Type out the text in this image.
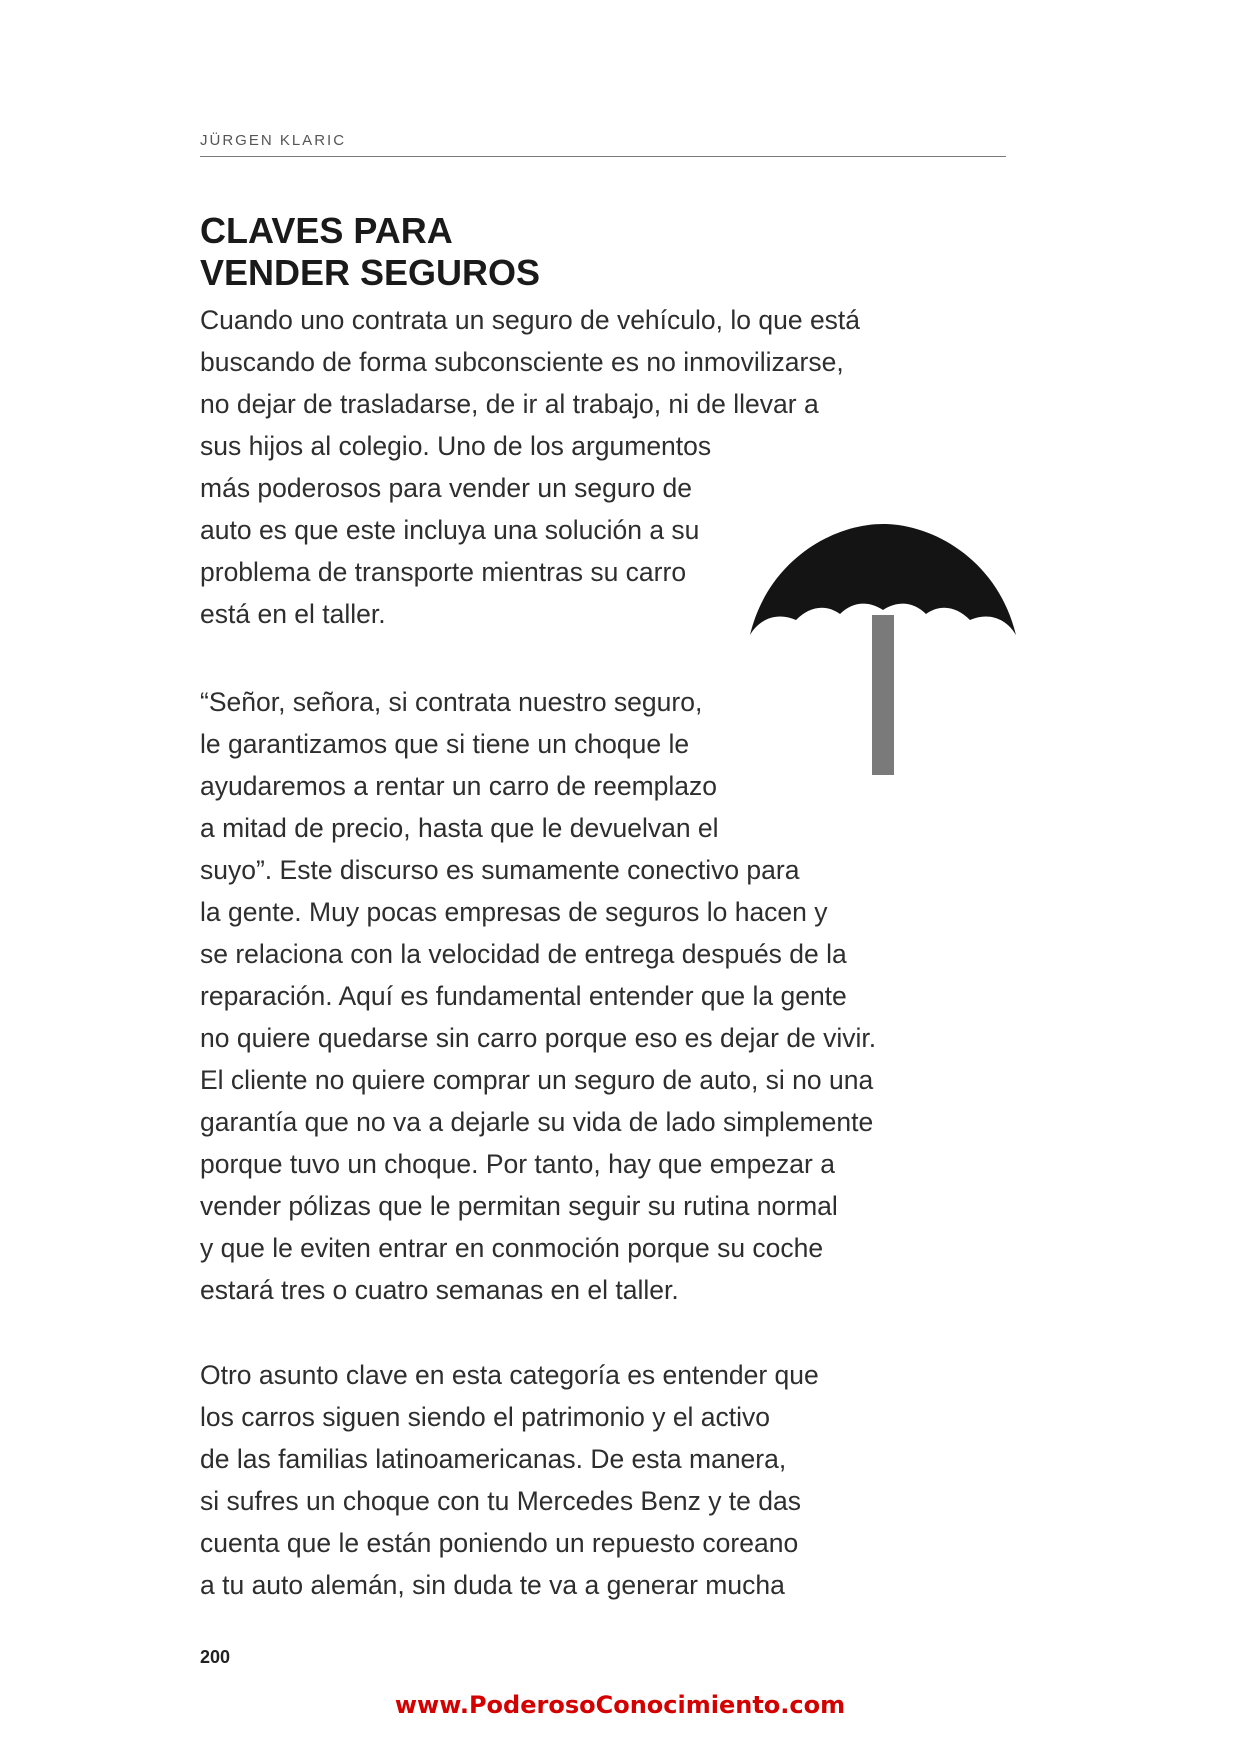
JÜRGEN KLARIC
CLAVES PARA
VENDER SEGUROS

Cuando uno contrata un seguro de vehículo, lo que está
buscando de forma subconsciente es no inmovilizarse,
no dejar de trasladarse, de ir al trabajo, ni de llevar a
sus hijos al colegio. Uno de los argumentos
más poderosos para vender un seguro de
auto es que este incluya una solución a su
problema de transporte mientras su carro
está en el taller.

“Señor, señora, si contrata nuestro seguro,
le garantizamos que si tiene un choque le
ayudaremos a rentar un carro de reemplazo
a mitad de precio, hasta que le devuelvan el
suyo”. Este discurso es sumamente conectivo para
la gente. Muy pocas empresas de seguros lo hacen y
se relaciona con la velocidad de entrega después de la
reparación. Aquí es fundamental entender que la gente
no quiere quedarse sin carro porque eso es dejar de vivir.
El cliente no quiere comprar un seguro de auto, si no una
garantía que no va a dejarle su vida de lado simplemente
porque tuvo un choque. Por tanto, hay que empezar a
vender pólizas que le permitan seguir su rutina normal
y que le eviten entrar en conmoción porque su coche
estará tres o cuatro semanas en el taller.

Otro asunto clave en esta categoría es entender que
los carros siguen siendo el patrimonio y el activo
de las familias latinoamericanas. De esta manera,
si sufres un choque con tu Mercedes Benz y te das
cuenta que le están poniendo un repuesto coreano
a tu auto alemán, sin duda te va a generar mucha

200
www.PoderosoConocimiento.com
